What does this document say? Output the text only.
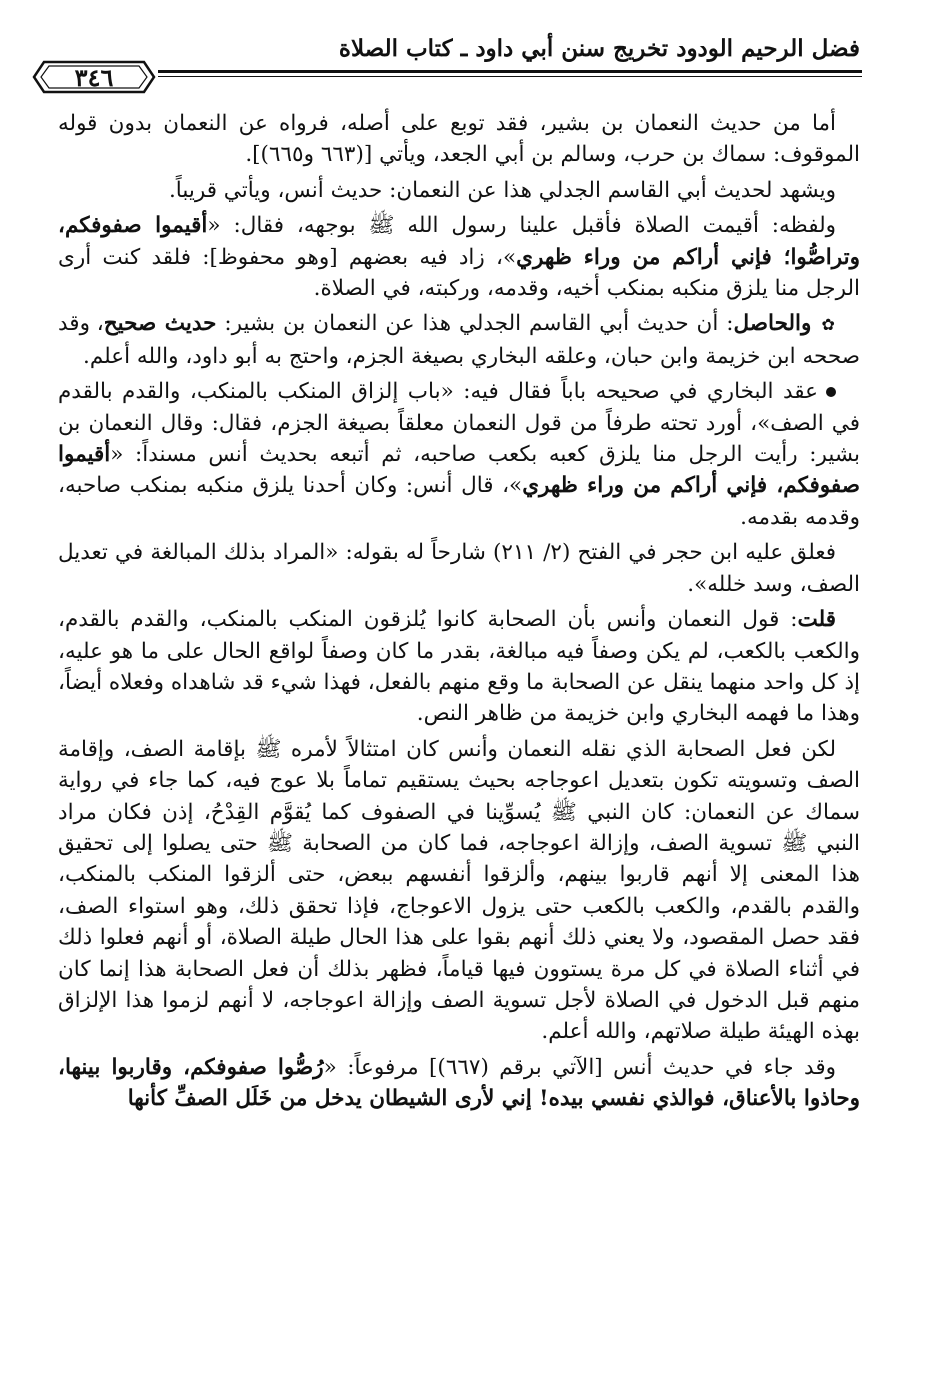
فضل الرحيم الودود تخريج سنن أبي داود ـ كتاب الصلاة
٣٤٦

أما من حديث النعمان بن بشير، فقد توبع على أصله، فرواه عن النعمان بدون قوله الموقوف: سماك بن حرب، وسالم بن أبي الجعد، ويأتي [(٦٦٣ و٦٦٥)].

ويشهد لحديث أبي القاسم الجدلي هذا عن النعمان: حديث أنس، ويأتي قريباً.

ولفظه: أقيمت الصلاة فأقبل علينا رسول الله ﷺ بوجهه، فقال: «أقيموا صفوفكم، وتراصُّوا؛ فإني أراكم من وراء ظهري»، زاد فيه بعضهم [وهو محفوظ]: فلقد كنت أرى الرجل منا يلزق منكبه بمنكب أخيه، وقدمه، وركبته، في الصلاة.

✿ والحاصل: أن حديث أبي القاسم الجدلي هذا عن النعمان بن بشير: حديث صحيح، وقد صححه ابن خزيمة وابن حبان، وعلقه البخاري بصيغة الجزم، واحتج به أبو داود، والله أعلم.

عقد البخاري في صحيحه باباً فقال فيه: «باب إلزاق المنكب بالمنكب، والقدم بالقدم في الصف»، أورد تحته طرفاً من قول النعمان معلقاً بصيغة الجزم، فقال: وقال النعمان بن بشير: رأيت الرجل منا يلزق كعبه بكعب صاحبه، ثم أتبعه بحديث أنس مسنداً: «أقيموا صفوفكم، فإني أراكم من وراء ظهري»، قال أنس: وكان أحدنا يلزق منكبه بمنكب صاحبه، وقدمه بقدمه.

فعلق عليه ابن حجر في الفتح (٢/ ٢١١) شارحاً له بقوله: «المراد بذلك المبالغة في تعديل الصف، وسد خلله».

قلت: قول النعمان وأنس بأن الصحابة كانوا يُلزقون المنكب بالمنكب، والقدم بالقدم، والكعب بالكعب، لم يكن وصفاً فيه مبالغة، بقدر ما كان وصفاً لواقع الحال على ما هو عليه، إذ كل واحد منهما ينقل عن الصحابة ما وقع منهم بالفعل، فهذا شيء قد شاهداه وفعلاه أيضاً، وهذا ما فهمه البخاري وابن خزيمة من ظاهر النص.

لكن فعل الصحابة الذي نقله النعمان وأنس كان امتثالاً لأمره ﷺ بإقامة الصف، وإقامة الصف وتسويته تكون بتعديل اعوجاجه بحيث يستقيم تماماً بلا عوج فيه، كما جاء في رواية سماك عن النعمان: كان النبي ﷺ يُسوِّينا في الصفوف كما يُقوَّم القِدْحُ، إذن فكان مراد النبي ﷺ تسوية الصف، وإزالة اعوجاجه، فما كان من الصحابة ﷺ حتى يصلوا إلى تحقيق هذا المعنى إلا أنهم قاربوا بينهم، وألزقوا أنفسهم ببعض، حتى ألزقوا المنكب بالمنكب، والقدم بالقدم، والكعب بالكعب حتى يزول الاعوجاج، فإذا تحقق ذلك، وهو استواء الصف، فقد حصل المقصود، ولا يعني ذلك أنهم بقوا على هذا الحال طيلة الصلاة، أو أنهم فعلوا ذلك في أثناء الصلاة في كل مرة يستوون فيها قياماً، فظهر بذلك أن فعل الصحابة هذا إنما كان منهم قبل الدخول في الصلاة لأجل تسوية الصف وإزالة اعوجاجه، لا أنهم لزموا هذا الإلزاق بهذه الهيئة طيلة صلاتهم، والله أعلم.

وقد جاء في حديث أنس [الآتي برقم (٦٦٧)] مرفوعاً: «رُصُّوا صفوفكم، وقاربوا بينها، وحاذوا بالأعناق، فوالذي نفسي بيده! إني لأرى الشيطان يدخل من خَلَل الصفِّ كأنها
